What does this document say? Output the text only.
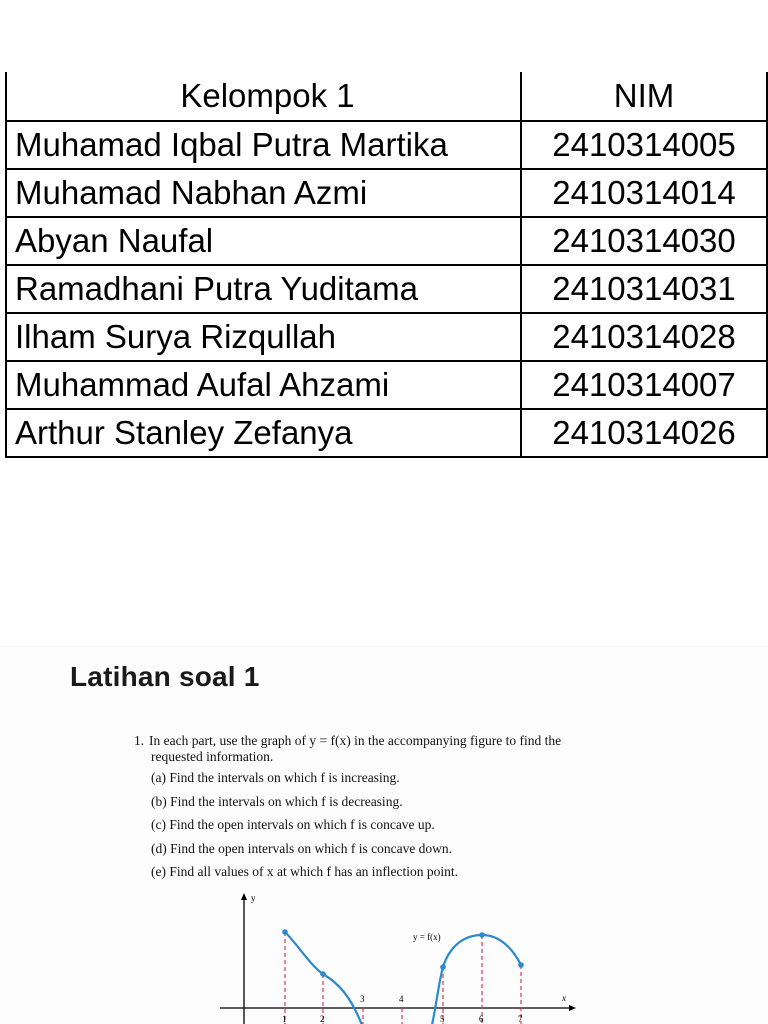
Kelompok 1	NIM
Muhamad Iqbal Putra Martika	2410314005
Muhamad Nabhan Azmi	2410314014
Abyan Naufal	2410314030
Ramadhani Putra Yuditama	2410314031
Ilham Surya Rizqullah	2410314028
Muhammad Aufal Ahzami	2410314007
Arthur Stanley Zefanya	2410314026
Latihan soal 1
1. In each part, use the graph of y = f(x) in the accompanying figure to find the
requested information.
(a) Find the intervals on which f is increasing.
(b) Find the intervals on which f is decreasing.
(c) Find the open intervals on which f is concave up.
(d) Find the open intervals on which f is concave down.
(e) Find all values of x at which f has an inflection point.
y
x
y = f(x)
3	4
1	2	5	6	7
